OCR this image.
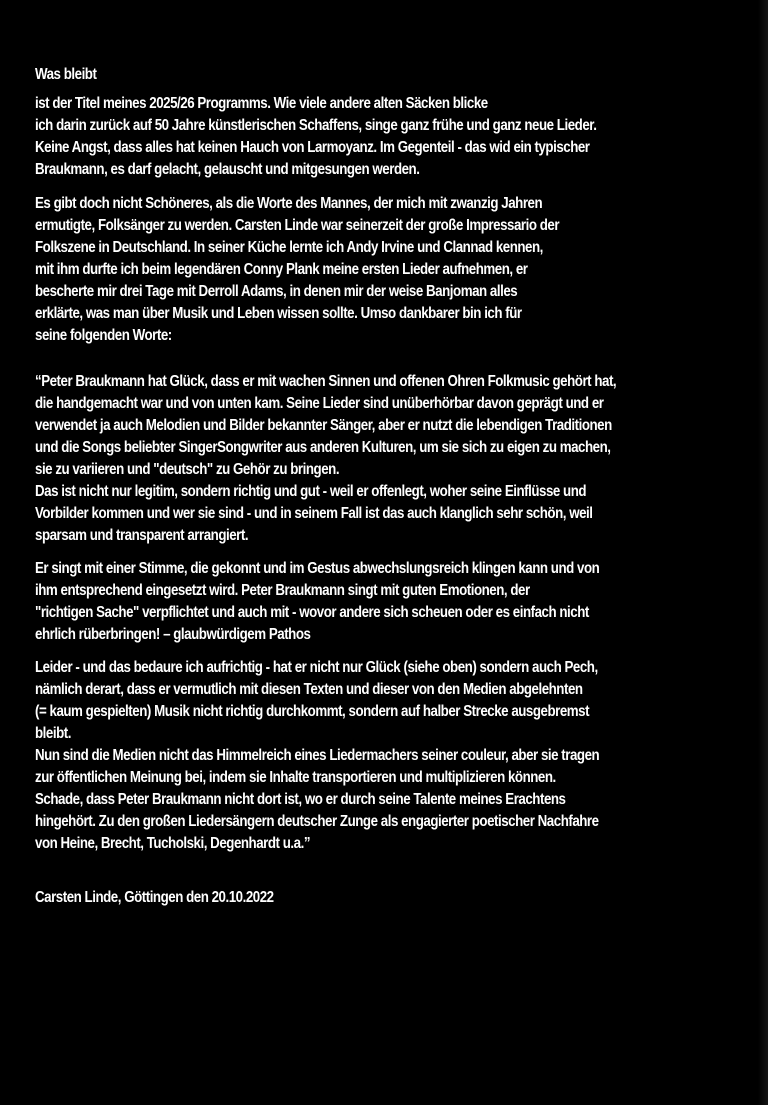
Was bleibt
ist der Titel meines 2025/26 Programms. Wie viele andere alten Säcken blicke
ich darin zurück auf 50 Jahre künstlerischen Schaffens, singe ganz frühe und ganz neue Lieder.
Keine Angst, dass alles hat keinen Hauch von Larmoyanz. Im Gegenteil - das wid ein typischer
Braukmann, es darf gelacht, gelauscht und mitgesungen werden.
Es gibt doch nicht Schöneres, als die Worte des Mannes, der mich mit zwanzig Jahren
ermutigte, Folksänger zu werden. Carsten Linde war seinerzeit der große Impressario der
Folkszene in Deutschland. In seiner Küche lernte ich Andy Irvine und Clannad kennen,
mit ihm durfte ich beim legendären Conny Plank meine ersten Lieder aufnehmen, er
bescherte mir drei Tage mit Derroll Adams, in denen mir der weise Banjoman alles
erklärte, was man über Musik und Leben wissen sollte. Umso dankbarer bin ich für
seine folgenden Worte:
“Peter Braukmann hat Glück, dass er mit wachen Sinnen und offenen Ohren Folkmusic gehört hat,
die handgemacht war und von unten kam. Seine Lieder sind unüberhörbar davon geprägt und er
verwendet ja auch Melodien und Bilder bekannter Sänger, aber er nutzt die lebendigen Traditionen
und die Songs beliebter SingerSongwriter aus anderen Kulturen, um sie sich zu eigen zu machen,
sie zu variieren und "deutsch" zu Gehör zu bringen.
Das ist nicht nur legitim, sondern richtig und gut - weil er offenlegt, woher seine Einflüsse und
Vorbilder kommen und wer sie sind - und in seinem Fall ist das auch klanglich sehr schön, weil
sparsam und transparent arrangiert.
Er singt mit einer Stimme, die gekonnt und im Gestus abwechslungsreich klingen kann und von
ihm entsprechend eingesetzt wird. Peter Braukmann singt mit guten Emotionen, der
"richtigen Sache" verpflichtet und auch mit - wovor andere sich scheuen oder es einfach nicht
ehrlich rüberbringen! – glaubwürdigem Pathos
Leider - und das bedaure ich aufrichtig - hat er nicht nur Glück (siehe oben) sondern auch Pech,
nämlich derart, dass er vermutlich mit diesen Texten und dieser von den Medien abgelehnten
(= kaum gespielten) Musik nicht richtig durchkommt, sondern auf halber Strecke ausgebremst
bleibt.
Nun sind die Medien nicht das Himmelreich eines Liedermachers seiner couleur, aber sie tragen
zur öffentlichen Meinung bei, indem sie Inhalte transportieren und multiplizieren können.
Schade, dass Peter Braukmann nicht dort ist, wo er durch seine Talente meines Erachtens
hingehört. Zu den großen Liedersängern deutscher Zunge als engagierter poetischer Nachfahre
von Heine, Brecht, Tucholski, Degenhardt u.a.”
Carsten Linde, Göttingen den 20.10.2022
